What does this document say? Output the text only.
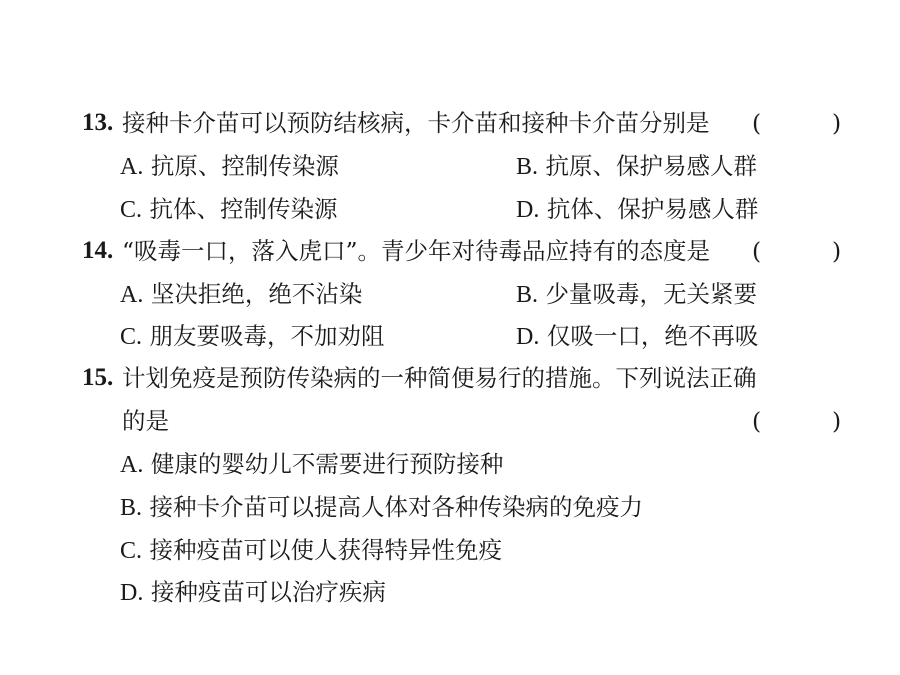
13. 接种卡介苗可以预防结核病，卡介苗和接种卡介苗分别是 (	)
A. 抗原、控制传染源	B. 抗原、保护易感人群
C. 抗体、控制传染源	D. 抗体、保护易感人群
14. “吸毒一口，落入虎口”。青少年对待毒品应持有的态度是 (	)
A. 坚决拒绝，绝不沾染	B. 少量吸毒，无关紧要
C. 朋友要吸毒，不加劝阻	D. 仅吸一口，绝不再吸
15. 计划免疫是预防传染病的一种简便易行的措施。下列说法正确
的是	(	)
A. 健康的婴幼儿不需要进行预防接种
B. 接种卡介苗可以提高人体对各种传染病的免疫力
C. 接种疫苗可以使人获得特异性免疫
D. 接种疫苗可以治疗疾病
